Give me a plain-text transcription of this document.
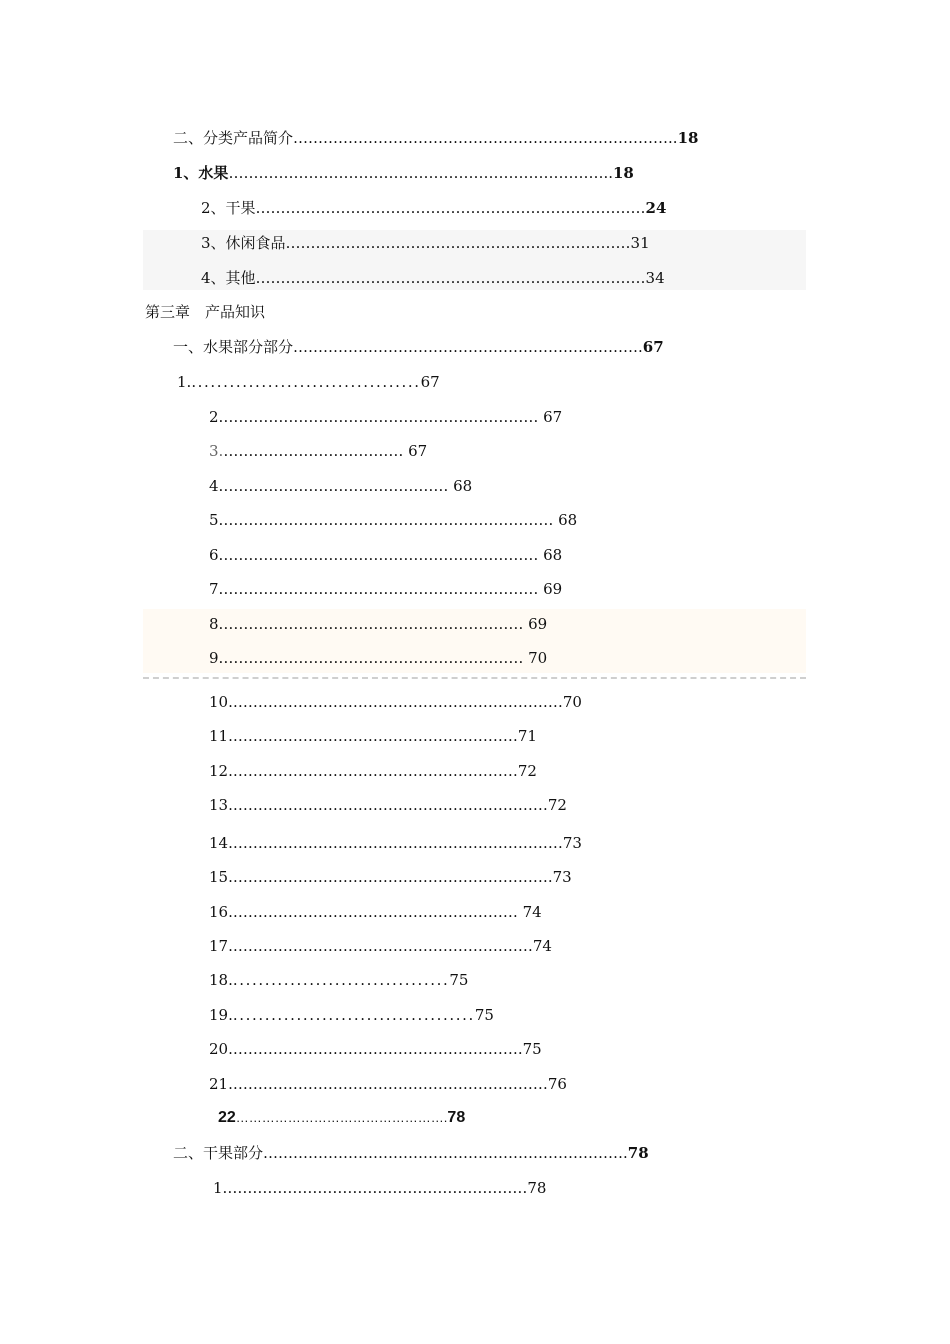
二、分类产品简介…………………………………………………………………..18
1、水果…………………………………………………………………..18
2、干果……………………………………………………………………24
3、休闲食品……………………………………………………………31
4、其他……………………………………………………………………34
第三章　产品知识
一、水果部分部分…………………………………………………………….67
1.....................................67
2.……………………………………………………… 67
3.……………………………… 67
4.……………………………………… 68
5.………………………………………………………… 68
6.……………………………………………………… 68
7.……………………………………………………… 69
8.…………………………………………………… 69
9.…………………………………………………… 70
10.…………………………………………………………70
11.…………………………………………………71
12.…………………………………………………72
13.………………………………………………………72
14.…………………………………………………………73
15.……………………………………………………….73
16.………………………………………………… 74
17.……………………………………………………74
18...................................75
19.......................................75
20.………………………………………………….75
21.………………………………………………………76
22………………………………………….78
二、干果部分……………………………………………………………….78
1.……………………………………………………78
